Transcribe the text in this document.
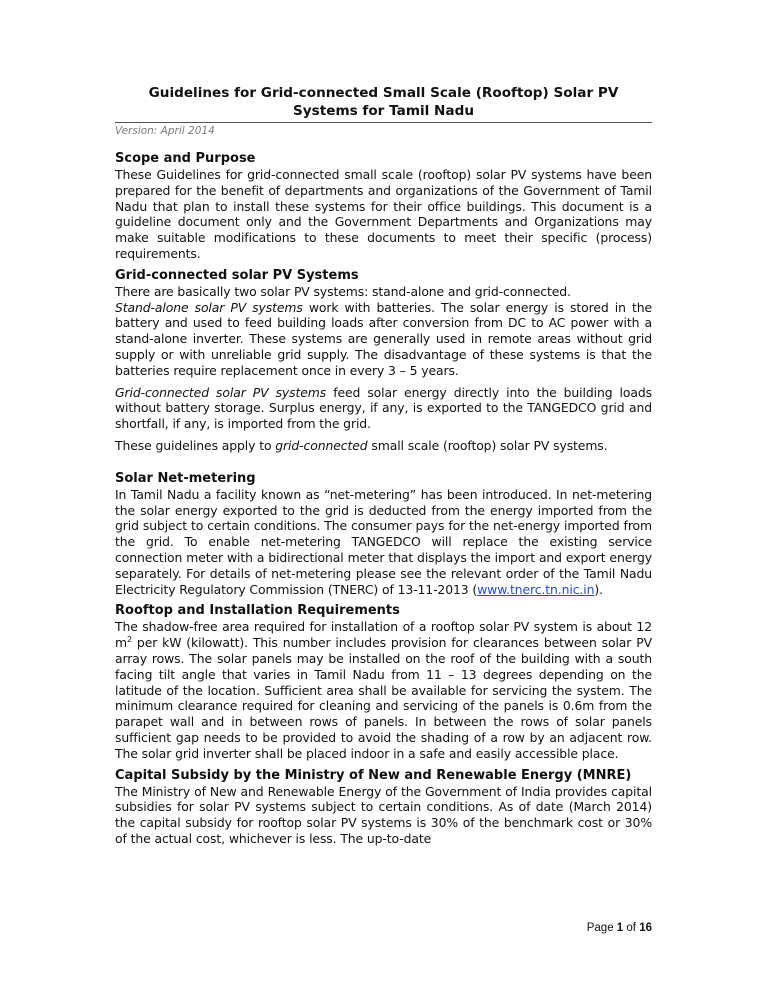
Guidelines for Grid-connected Small Scale (Rooftop) Solar PV
Systems for Tamil Nadu
Version: April 2014
Scope and Purpose
These Guidelines for grid-connected small scale (rooftop) solar PV systems have been prepared for the benefit of departments and organizations of the Government of Tamil Nadu that plan to install these systems for their office buildings. This document is a guideline document only and the Government Departments and Organizations may make suitable modifications to these documents to meet their specific (process) requirements.
Grid-connected solar PV Systems
There are basically two solar PV systems: stand-alone and grid-connected.
Stand-alone solar PV systems work with batteries. The solar energy is stored in the battery and used to feed building loads after conversion from DC to AC power with a stand-alone inverter. These systems are generally used in remote areas without grid supply or with unreliable grid supply. The disadvantage of these systems is that the batteries require replacement once in every 3 – 5 years.
Grid-connected solar PV systems feed solar energy directly into the building loads without battery storage. Surplus energy, if any, is exported to the TANGEDCO grid and shortfall, if any, is imported from the grid.
These guidelines apply to grid-connected small scale (rooftop) solar PV systems.
Solar Net-metering
In Tamil Nadu a facility known as “net-metering” has been introduced. In net-metering the solar energy exported to the grid is deducted from the energy imported from the grid subject to certain conditions. The consumer pays for the net-energy imported from the grid. To enable net-metering TANGEDCO will replace the existing service connection meter with a bidirectional meter that displays the import and export energy separately. For details of net-metering please see the relevant order of the Tamil Nadu Electricity Regulatory Commission (TNERC) of 13-11-2013 (www.tnerc.tn.nic.in).
Rooftop and Installation Requirements
The shadow-free area required for installation of a rooftop solar PV system is about 12 $m^2$ per kW (kilowatt). This number includes provision for clearances between solar PV array rows. The solar panels may be installed on the roof of the building with a south facing tilt angle that varies in Tamil Nadu from 11 – 13 degrees depending on the latitude of the location. Sufficient area shall be available for servicing the system. The minimum clearance required for cleaning and servicing of the panels is 0.6m from the parapet wall and in between rows of panels. In between the rows of solar panels sufficient gap needs to be provided to avoid the shading of a row by an adjacent row. The solar grid inverter shall be placed indoor in a safe and easily accessible place.
Capital Subsidy by the Ministry of New and Renewable Energy (MNRE)
The Ministry of New and Renewable Energy of the Government of India provides capital subsidies for solar PV systems subject to certain conditions. As of date (March 2014) the capital subsidy for rooftop solar PV systems is 30% of the benchmark cost or 30% of the actual cost, whichever is less. The up-to-date
Page 1 of 16
